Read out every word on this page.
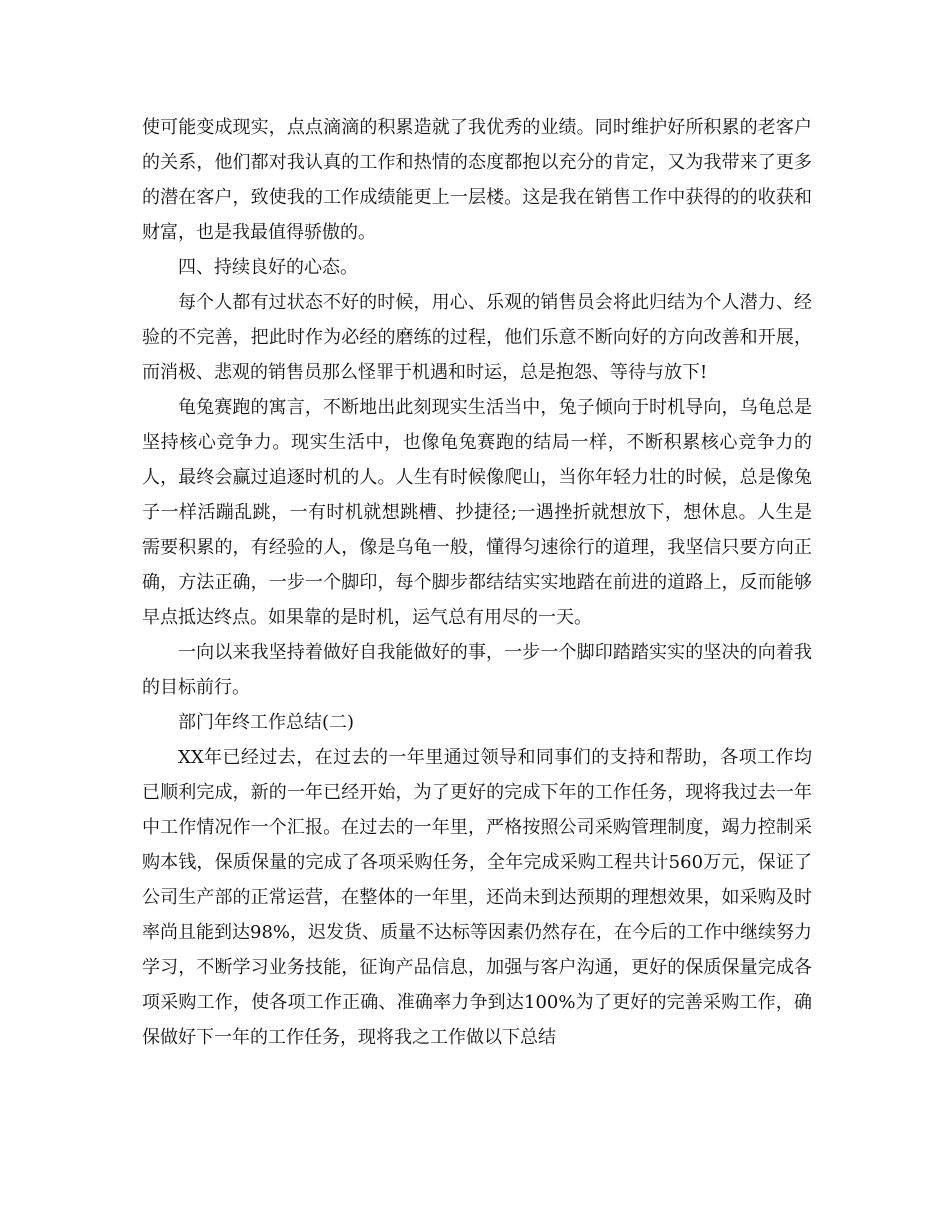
使可能变成现实，点点滴滴的积累造就了我优秀的业绩。同时维护好所积累的老客户的关系，他们都对我认真的工作和热情的态度都抱以充分的肯定，又为我带来了更多的潜在客户，致使我的工作成绩能更上一层楼。这是我在销售工作中获得的的收获和财富，也是我最值得骄傲的。

四、持续良好的心态。

每个人都有过状态不好的时候，用心、乐观的销售员会将此归结为个人潜力、经验的不完善，把此时作为必经的磨练的过程，他们乐意不断向好的方向改善和开展，而消极、悲观的销售员那么怪罪于机遇和时运，总是抱怨、等待与放下!

龟兔赛跑的寓言，不断地出此刻现实生活当中，兔子倾向于时机导向，乌龟总是坚持核心竞争力。现实生活中，也像龟兔赛跑的结局一样，不断积累核心竞争力的人，最终会赢过追逐时机的人。人生有时候像爬山，当你年轻力壮的时候，总是像兔子一样活蹦乱跳，一有时机就想跳槽、抄捷径;一遇挫折就想放下，想休息。人生是需要积累的，有经验的人，像是乌龟一般，懂得匀速徐行的道理，我坚信只要方向正确，方法正确，一步一个脚印，每个脚步都结结实实地踏在前进的道路上，反而能够早点抵达终点。如果靠的是时机，运气总有用尽的一天。

一向以来我坚持着做好自我能做好的事，一步一个脚印踏踏实实的坚决的向着我的目标前行。

部门年终工作总结(二)

XX年已经过去，在过去的一年里通过领导和同事们的支持和帮助，各项工作均已顺利完成，新的一年已经开始，为了更好的完成下年的工作任务，现将我过去一年中工作情况作一个汇报。在过去的一年里，严格按照公司采购管理制度，竭力控制采购本钱，保质保量的完成了各项采购任务，全年完成采购工程共计560万元，保证了公司生产部的正常运营，在整体的一年里，还尚未到达预期的理想效果，如采购及时率尚且能到达98%，迟发货、质量不达标等因素仍然存在，在今后的工作中继续努力学习，不断学习业务技能，征询产品信息，加强与客户沟通，更好的保质保量完成各项采购工作，使各项工作正确、准确率力争到达100%为了更好的完善采购工作，确保做好下一年的工作任务，现将我之工作做以下总结
